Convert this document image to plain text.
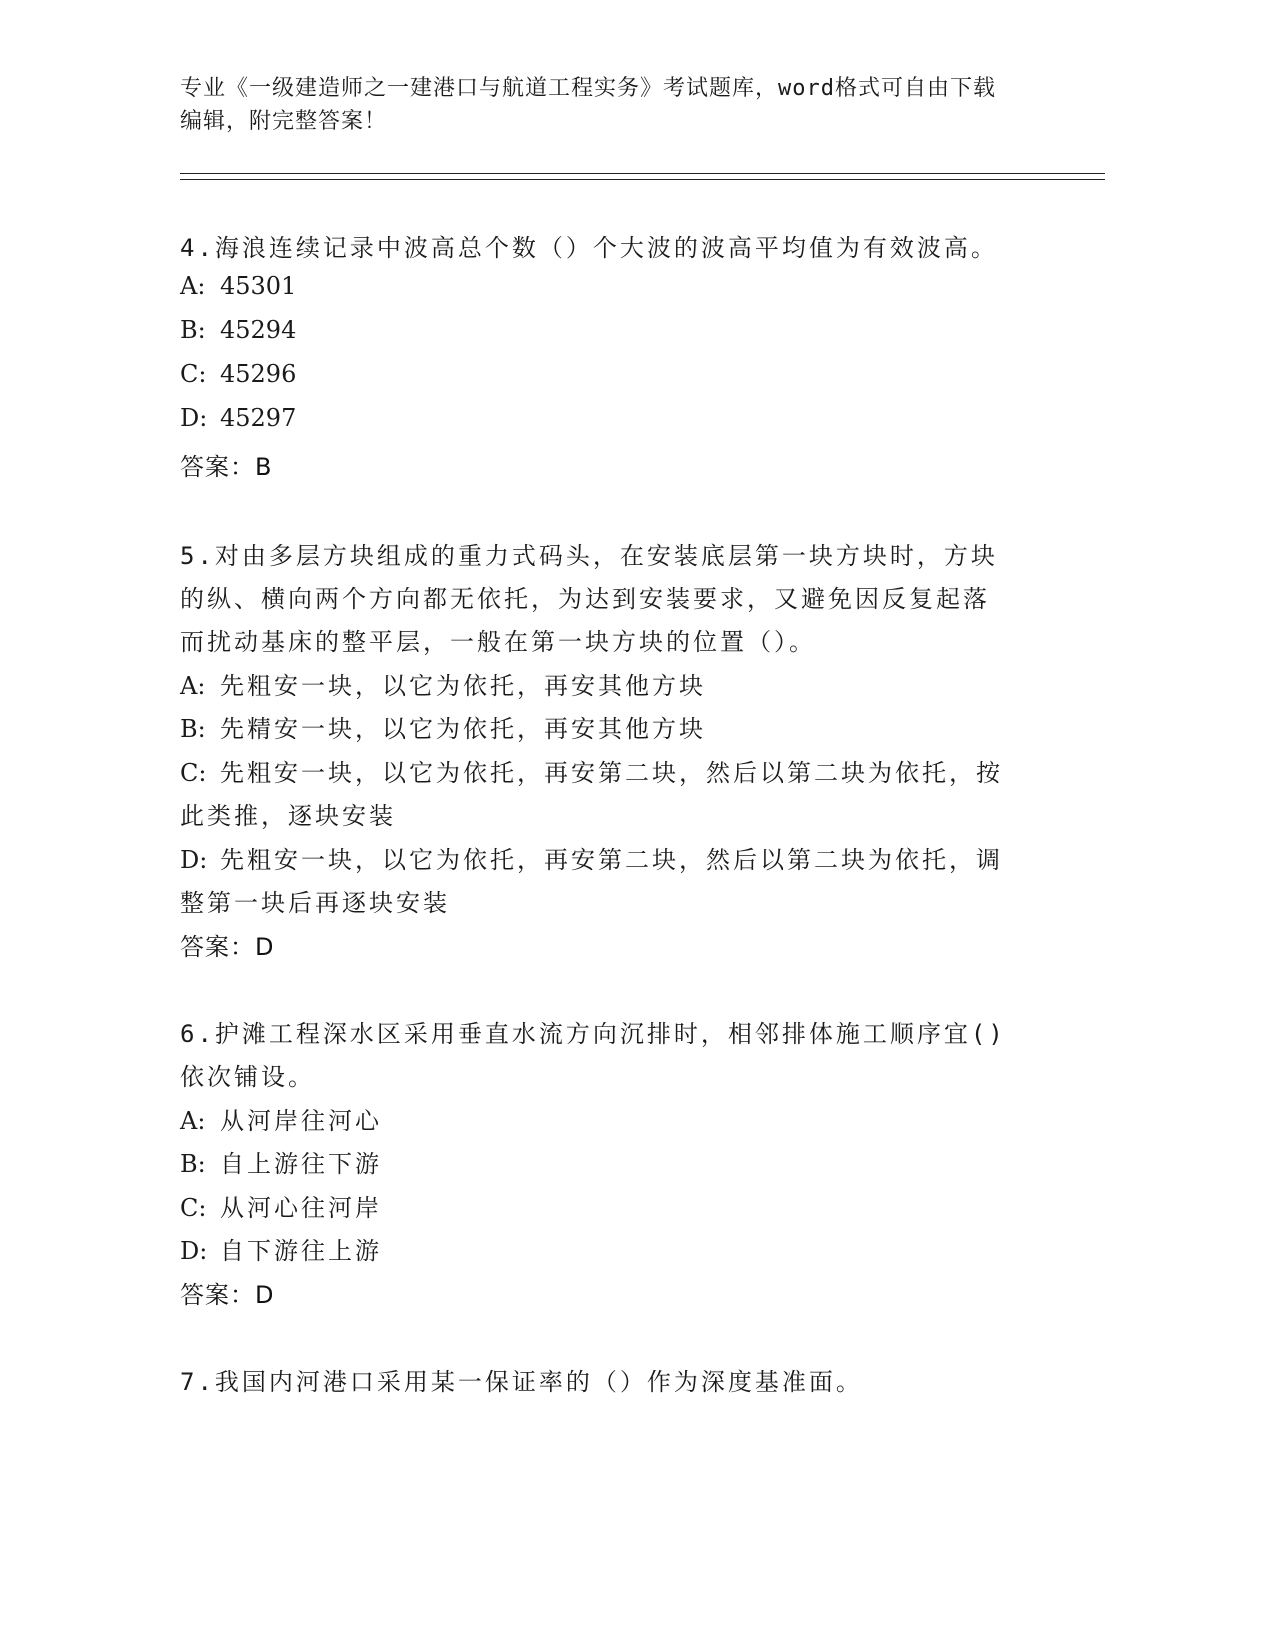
专业《一级建造师之一建港口与航道工程实务》考试题库，word格式可自由下载
编辑，附完整答案！
4.海浪连续记录中波高总个数（）个大波的波高平均值为有效波高。
A: 45301
B: 45294
C: 45296
D: 45297
答案：B
5.对由多层方块组成的重力式码头，在安装底层第一块方块时，方块
的纵、横向两个方向都无依托，为达到安装要求，又避免因反复起落
而扰动基床的整平层，一般在第一块方块的位置（）。
A: 先粗安一块，以它为依托，再安其他方块
B: 先精安一块，以它为依托，再安其他方块
C: 先粗安一块，以它为依托，再安第二块，然后以第二块为依托，按
此类推，逐块安装
D: 先粗安一块，以它为依托，再安第二块，然后以第二块为依托，调
整第一块后再逐块安装
答案：D
6.护滩工程深水区采用垂直水流方向沉排时，相邻排体施工顺序宜()
依次铺设。
A: 从河岸往河心
B: 自上游往下游
C: 从河心往河岸
D: 自下游往上游
答案：D
7.我国内河港口采用某一保证率的（）作为深度基准面。
